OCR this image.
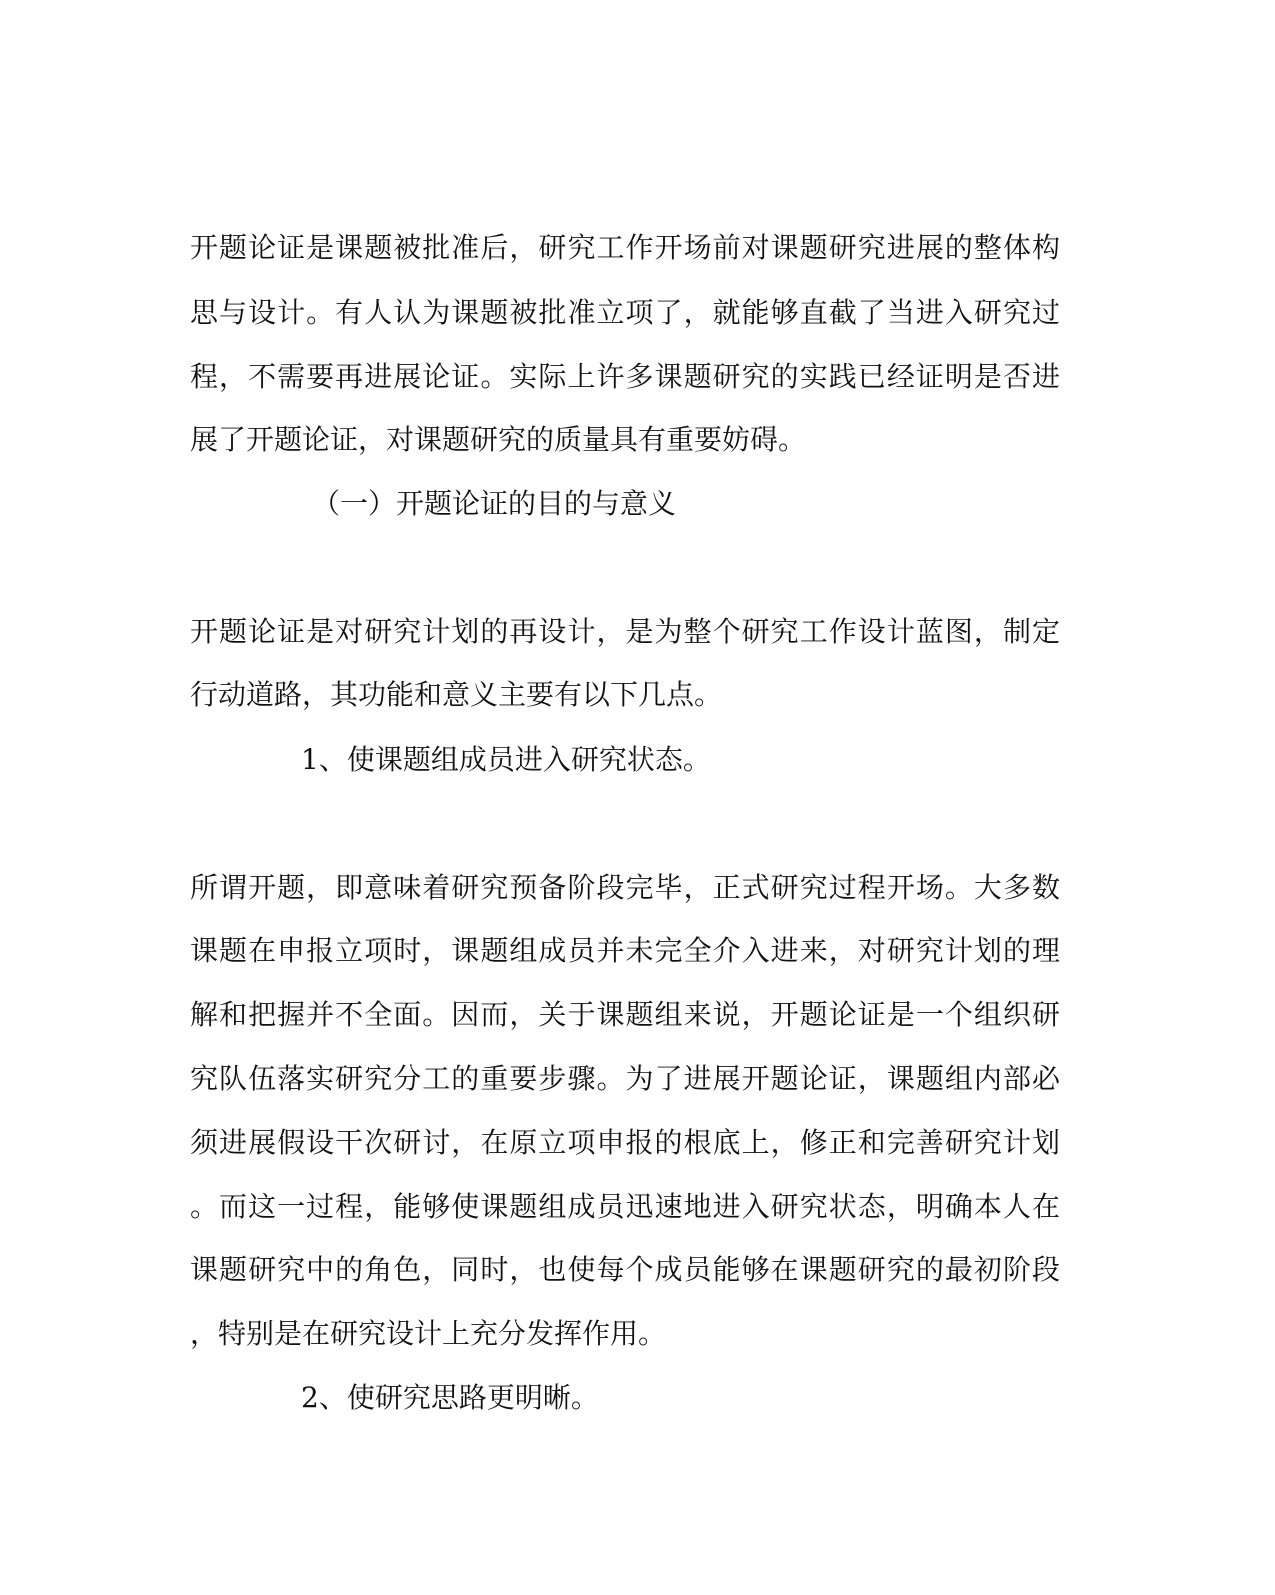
开题论证是课题被批准后，研究工作开场前对课题研究进展的整体构
思与设计。有人认为课题被批准立项了，就能够直截了当进入研究过
程，不需要再进展论证。实际上许多课题研究的实践已经证明是否进
展了开题论证，对课题研究的质量具有重要妨碍。
（一）开题论证的目的与意义
开题论证是对研究计划的再设计，是为整个研究工作设计蓝图，制定
行动道路，其功能和意义主要有以下几点。
1、使课题组成员进入研究状态。
所谓开题，即意味着研究预备阶段完毕，正式研究过程开场。大多数
课题在申报立项时，课题组成员并未完全介入进来，对研究计划的理
解和把握并不全面。因而，关于课题组来说，开题论证是一个组织研
究队伍落实研究分工的重要步骤。为了进展开题论证，课题组内部必
须进展假设干次研讨，在原立项申报的根底上，修正和完善研究计划
。而这一过程，能够使课题组成员迅速地进入研究状态，明确本人在
课题研究中的角色，同时，也使每个成员能够在课题研究的最初阶段
，特别是在研究设计上充分发挥作用。
2、使研究思路更明晰。
